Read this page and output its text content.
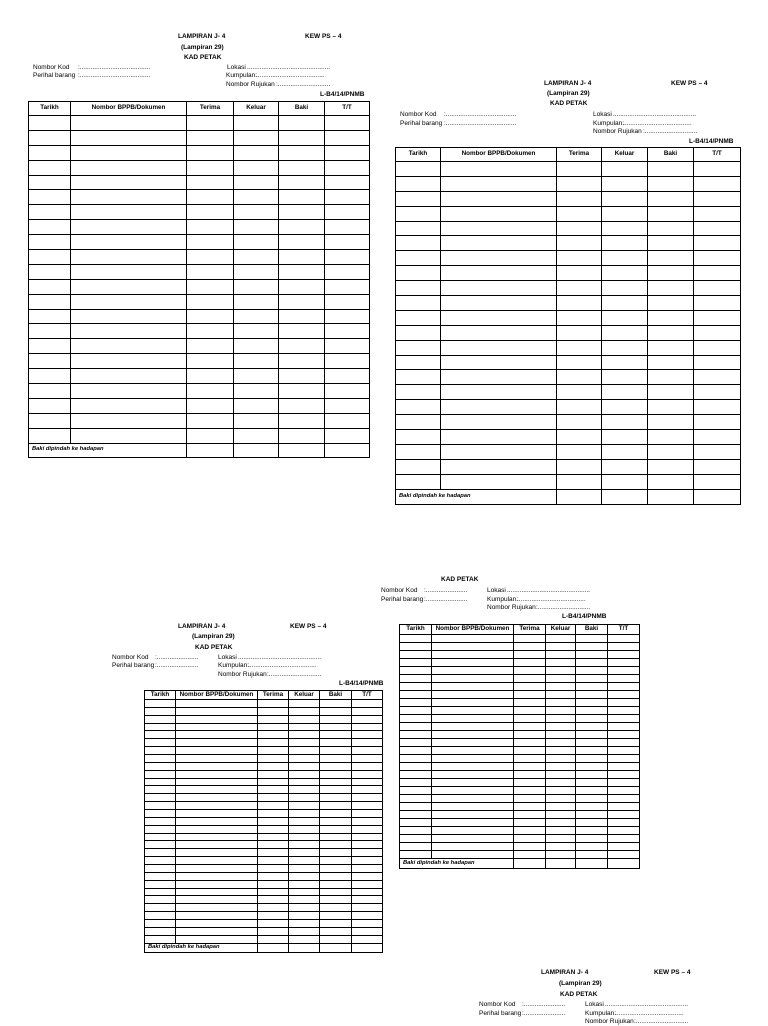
LAMPIRAN J- 4	KEW PS – 4
(Lampiran 29)
KAD PETAK
Nombor Kod :.......................................
Perihal barang :.......................................
Lokasi ..............................................
Kumpulan:
......................................
Nombor Rujukan :.............................
L-B4/14/PNMB
Tarikh	Nombor BPPB/Dokumen	Terima	Keluar	Baki	T/T

Baki dipindah ke hadapan					
LAMPIRAN J- 4	KEW PS – 4
(Lampiran 29)
KAD PETAK
Nombor Kod :.......................................
Perihal barang :.......................................
Lokasi ..............................................
Kumpulan:
......................................
Nombor Rujukan :.............................
L-B4/14/PNMB
Tarikh	Nombor BPPB/Dokumen	Terima	Keluar	Baki	T/T

Baki dipindah ke hadapan					
LAMPIRAN J- 4	KEW PS – 4
(Lampiran 29)
KAD PETAK
Nombor Kod :.......................
Perihal barang :.......................
Lokasi ..............................................
Kumpulan:
......................................
Nombor Rujukan :.............................
L-B4/14/PNMB
Tarikh	Nombor BPPB/Dokumen	Terima	Keluar	Baki	T/T

Baki dipindah ke hadapan					
KAD PETAK
Nombor Kod :.......................
Perihal barang :.......................
Lokasi ..............................................
Kumpulan:
......................................
Nombor Rujukan :.............................
L-B4/14/PNMB
Tarikh	Nombor BPPB/Dokumen	Terima	Keluar	Baki	T/T

Baki dipindah ke hadapan					
LAMPIRAN J- 4	KEW PS – 4
(Lampiran 29)
KAD PETAK
Nombor Kod :.......................
Perihal barang :.......................
Lokasi ..............................................
Kumpulan:
......................................
Nombor Rujukan :.............................
